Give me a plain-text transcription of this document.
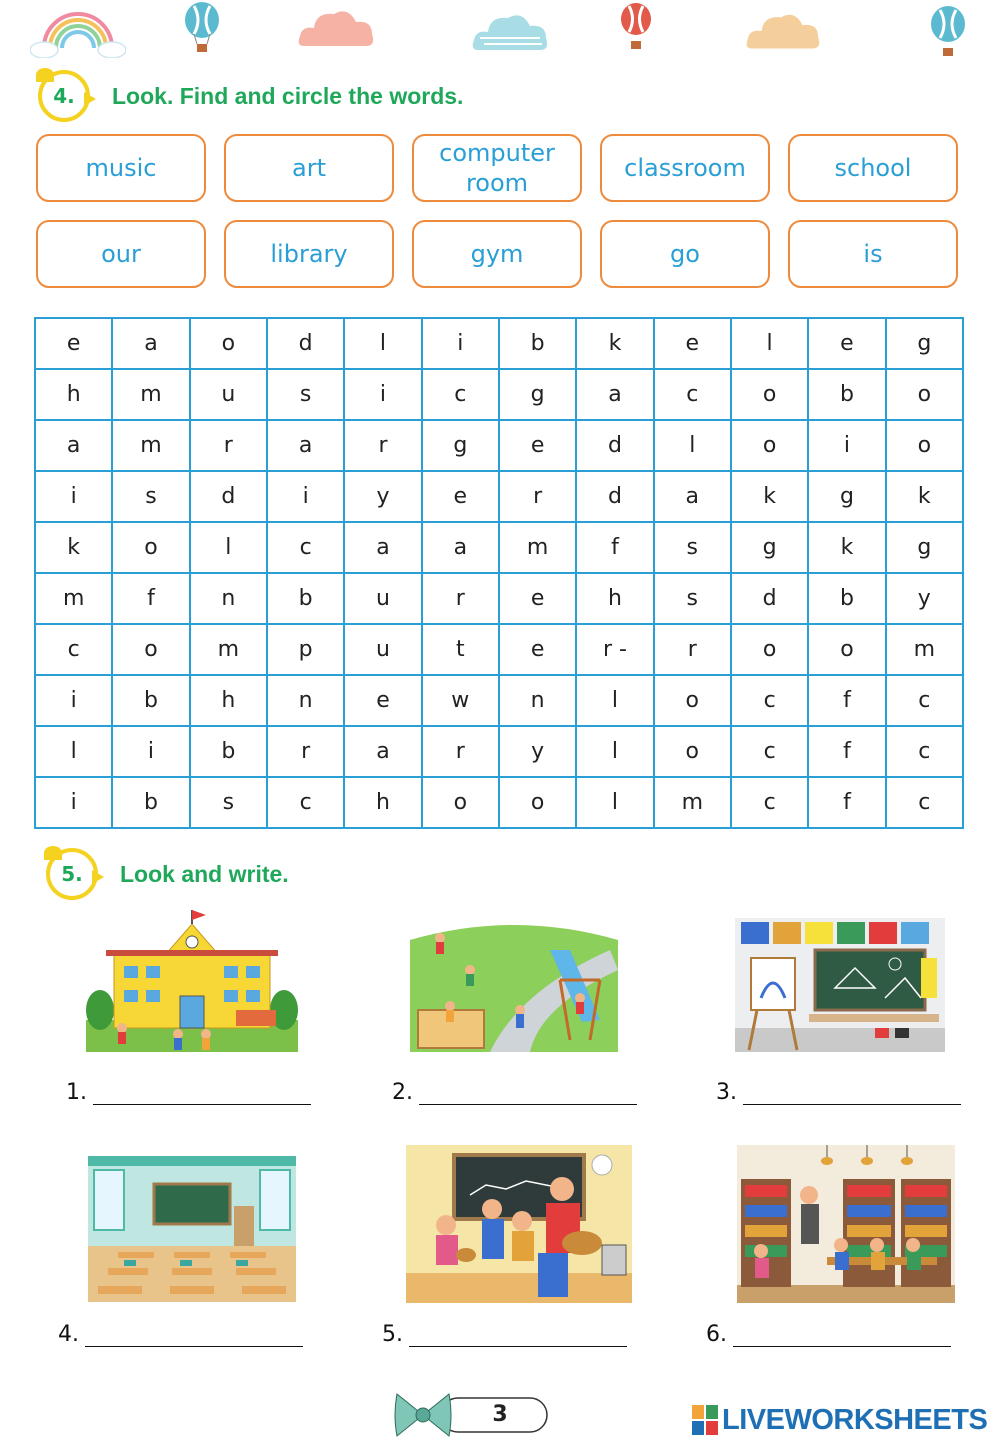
4.	Look. Find and circle the words.
music	art
computer room
classroom	school
our	library	gym	go	is
e	a	o	d	l	i	b	k	e	l	e	g
h	m	u	s	i	c	g	a	c	o	b	o
a	m	r	a	r	g	e	d	l	o	i	o
i	s	d	i	y	e	r	d	a	k	g	k
k	o	l	c	a	a	m	f	s	g	k	g
m	f	n	b	u	r	e	h	s	d	b	y
c	o	m	p	u	t	e	r -	r	o	o	m
i	b	h	n	e	w	n	l	o	c	f	c
l	i	b	r	a	r	y	l	o	c	f	c
i	b	s	c	h	o	o	l	m	c	f	c
5.	Look and write.
1.	2.	3.
4.	5.	6.
3	LIVEWORKSHEETS
